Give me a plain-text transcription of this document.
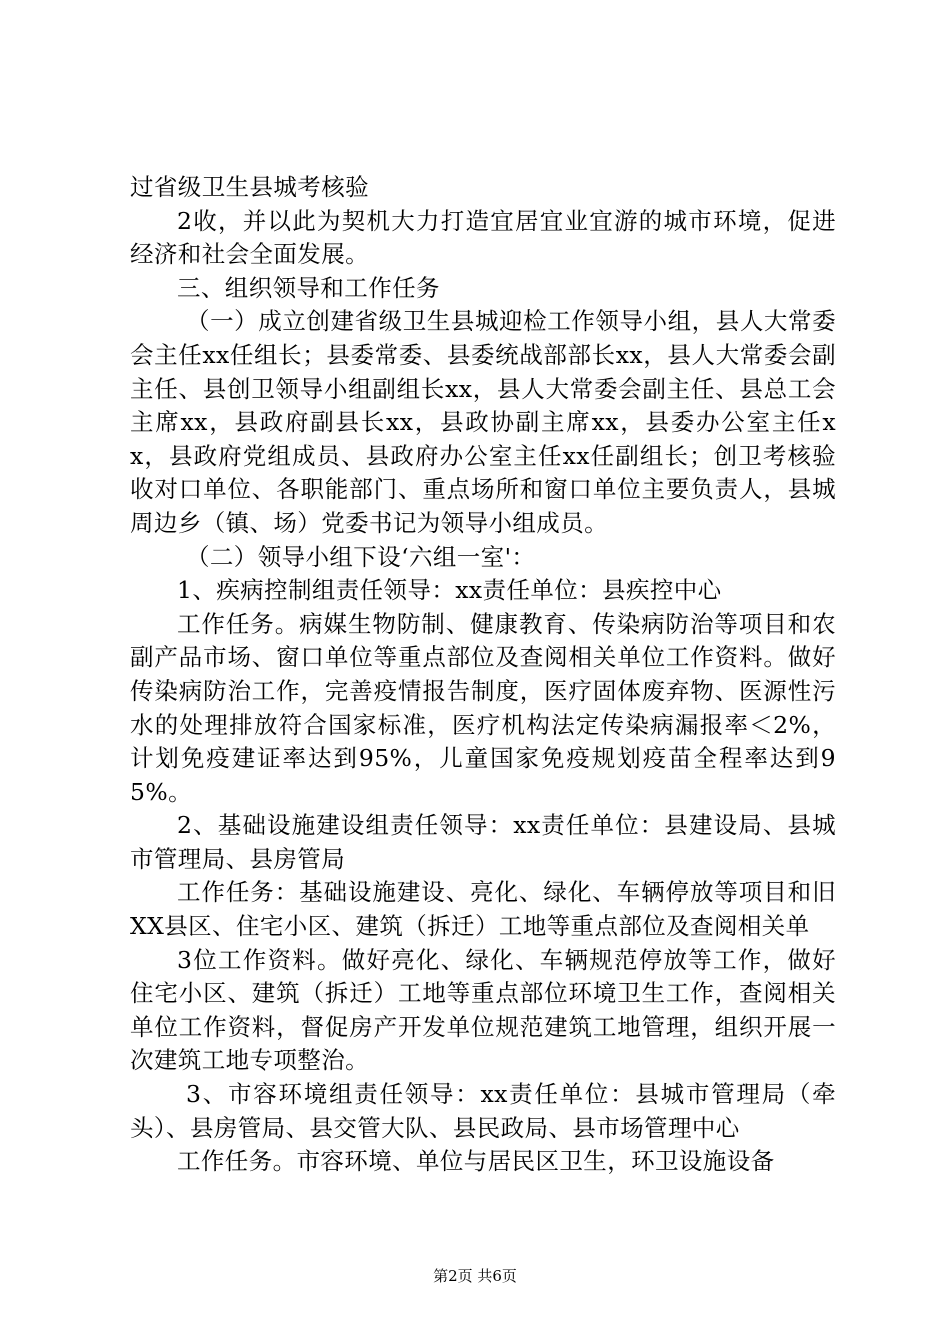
过省级卫生县城考核验

2收，并以此为契机大力打造宜居宜业宜游的城市环境，促进经济和社会全面发展。

三、组织领导和工作任务

（一）成立创建省级卫生县城迎检工作领导小组，县人大常委会主任xx任组长；县委常委、县委统战部部长xx，县人大常委会副主任、县创卫领导小组副组长xx，县人大常委会副主任、县总工会主席xx，县政府副县长xx，县政协副主席xx，县委办公室主任xx，县政府党组成员、县政府办公室主任xx任副组长；创卫考核验收对口单位、各职能部门、重点场所和窗口单位主要负责人，县城周边乡（镇、场）党委书记为领导小组成员。

（二）领导小组下设‘六组一室'：

1、疾病控制组责任领导：xx责任单位：县疾控中心

工作任务。病媒生物防制、健康教育、传染病防治等项目和农副产品市场、窗口单位等重点部位及查阅相关单位工作资料。做好传染病防治工作，完善疫情报告制度，医疗固体废弃物、医源性污水的处理排放符合国家标准，医疗机构法定传染病漏报率＜2%，计划免疫建证率达到95%，儿童国家免疫规划疫苗全程率达到95%。

2、基础设施建设组责任领导：xx责任单位：县建设局、县城市管理局、县房管局

工作任务：基础设施建设、亮化、绿化、车辆停放等项目和旧XX县区、住宅小区、建筑（拆迁）工地等重点部位及查阅相关单

3位工作资料。做好亮化、绿化、车辆规范停放等工作，做好住宅小区、建筑（拆迁）工地等重点部位环境卫生工作，查阅相关单位工作资料，督促房产开发单位规范建筑工地管理，组织开展一次建筑工地专项整治。

3、市容环境组责任领导：xx责任单位：县城市管理局（牵头）、县房管局、县交管大队、县民政局、县市场管理中心

工作任务。市容环境、单位与居民区卫生，环卫设施设备

第2页 共6页
